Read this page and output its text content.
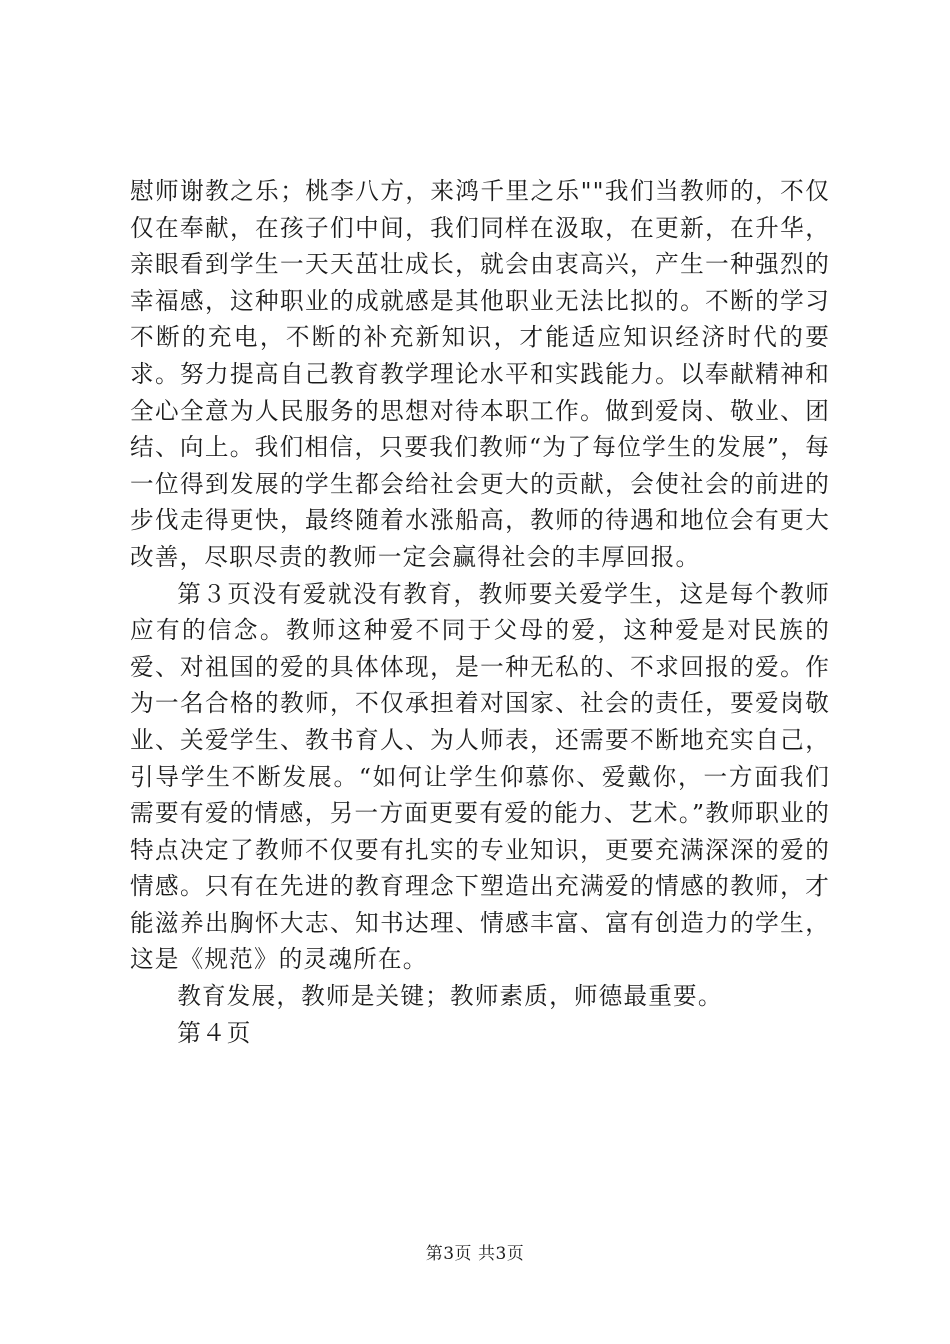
慰师谢教之乐；桃李八方，来鸿千里之乐""我们当教师的，不仅仅在奉献，在孩子们中间，我们同样在汲取，在更新，在升华，亲眼看到学生一天天茁壮成长，就会由衷高兴，产生一种强烈的幸福感，这种职业的成就感是其他职业无法比拟的。不断的学习不断的充电，不断的补充新知识，才能适应知识经济时代的要求。努力提高自己教育教学理论水平和实践能力。以奉献精神和全心全意为人民服务的思想对待本职工作。做到爱岗、敬业、团结、向上。我们相信，只要我们教师“为了每位学生的发展”，每一位得到发展的学生都会给社会更大的贡献，会使社会的前进的步伐走得更快，最终随着水涨船高，教师的待遇和地位会有更大改善，尽职尽责的教师一定会赢得社会的丰厚回报。

第３页没有爱就没有教育，教师要关爱学生，这是每个教师应有的信念。教师这种爱不同于父母的爱，这种爱是对民族的爱、对祖国的爱的具体体现，是一种无私的、不求回报的爱。作为一名合格的教师，不仅承担着对国家、社会的责任，要爱岗敬业、关爱学生、教书育人、为人师表，还需要不断地充实自己，引导学生不断发展。“如何让学生仰慕你、爱戴你，一方面我们需要有爱的情感，另一方面更要有爱的能力、艺术。”教师职业的特点决定了教师不仅要有扎实的专业知识，更要充满深深的爱的情感。只有在先进的教育理念下塑造出充满爱的情感的教师，才能滋养出胸怀大志、知书达理、情感丰富、富有创造力的学生，这是《规范》的灵魂所在。

教育发展，教师是关键；教师素质，师德最重要。

第４页

第3页 共3页
